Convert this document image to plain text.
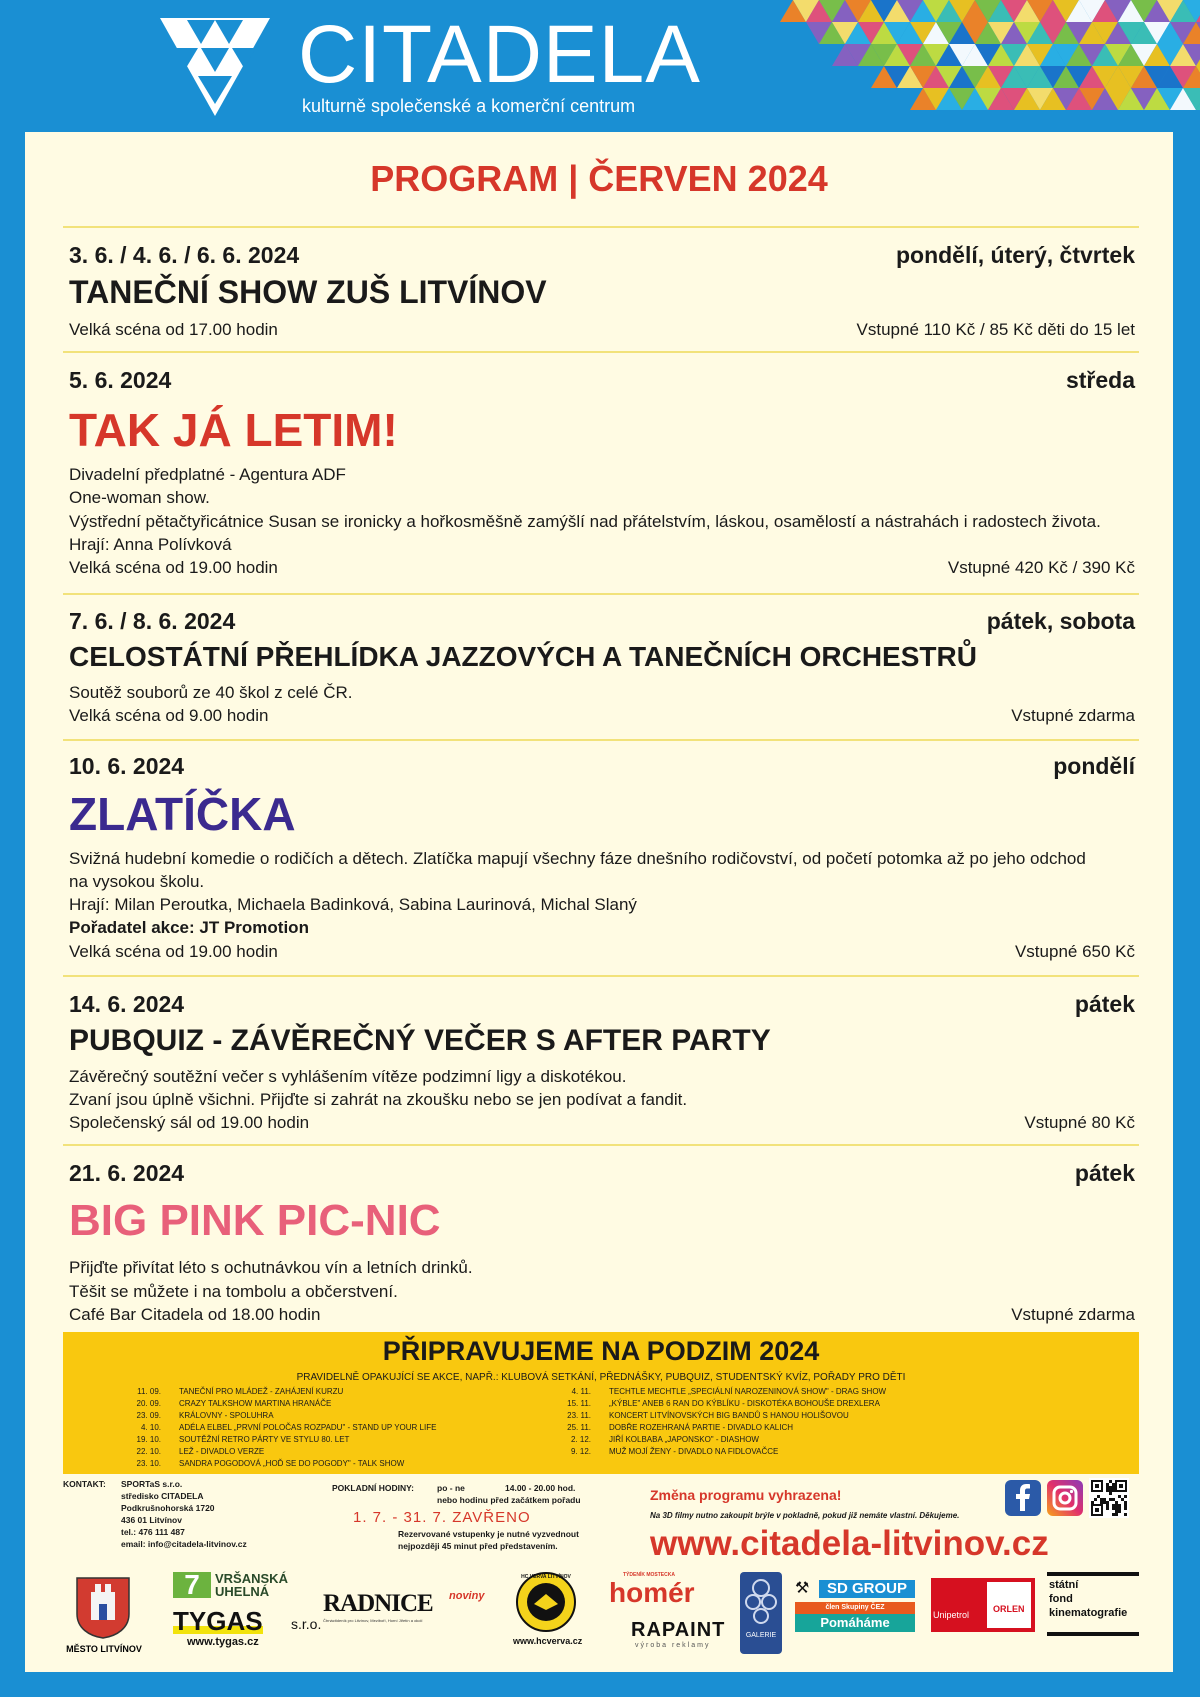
CITADELA
kulturně společenské a komerční centrum
PROGRAM | ČERVEN 2024
3. 6. / 4. 6. / 6. 6. 2024	pondělí, úterý, čtvrtek
TANEČNÍ SHOW ZUŠ LITVÍNOV
Velká scéna od 17.00 hodin	Vstupné 110 Kč / 85 Kč děti do 15 let
5. 6. 2024	středa
TAK JÁ LETIM!
Divadelní předplatné - Agentura ADF
One-woman show.
Výstřední pětačtyřicátnice Susan se ironicky a hořkosměšně zamýšlí nad přátelstvím, láskou, osamělostí a nástrahách i radostech života.
Hrají: Anna Polívková
Velká scéna od 19.00 hodin	Vstupné 420 Kč / 390 Kč
7. 6. / 8. 6. 2024	pátek, sobota
CELOSTÁTNÍ PŘEHLÍDKA JAZZOVÝCH A TANEČNÍCH ORCHESTRŮ
Soutěž souborů ze 40 škol z celé ČR.
Velká scéna od 9.00 hodin	Vstupné zdarma
10. 6. 2024	pondělí
ZLATÍČKA
Svižná hudební komedie o rodičích a dětech. Zlatíčka mapují všechny fáze dnešního rodičovství, od početí potomka až po jeho odchod
na vysokou školu.
Hrají: Milan Peroutka, Michaela Badinková, Sabina Laurinová, Michal Slaný
Pořadatel akce: JT Promotion
Velká scéna od 19.00 hodin	Vstupné 650 Kč
14. 6. 2024	pátek
PUBQUIZ - ZÁVĚREČNÝ VEČER S AFTER PARTY
Závěrečný soutěžní večer s vyhlášením vítěze podzimní ligy a diskotékou.
Zvaní jsou úplně všichni. Přijďte si zahrát na zkoušku nebo se jen podívat a fandit.
Společenský sál od 19.00 hodin	Vstupné 80 Kč
21. 6. 2024	pátek
BIG PINK PIC-NIC
Přijďte přivítat léto s ochutnávkou vín a letních drinků.
Těšit se můžete i na tombolu a občerstvení.
Café Bar Citadela od 18.00 hodin	Vstupné zdarma
PŘIPRAVUJEME NA PODZIM 2024
PRAVIDELNĚ OPAKUJÍCÍ SE AKCE, NAPŘ.: KLUBOVÁ SETKÁNÍ, PŘEDNÁŠKY, PUBQUIZ, STUDENTSKÝ KVÍZ, POŘADY PRO DĚTI
11. 09. TANEČNÍ PRO MLÁDEŽ - ZAHÁJENÍ KURZU
20. 09. CRAZY TALKSHOW MARTINA HRANÁČE
23. 09. KRÁLOVNY - SPOLUHRA
4. 10. ADÉLA ELBEL „PRVNÍ POLOČAS ROZPADU" - STAND UP YOUR LIFE
19. 10. SOUTĚŽNÍ RETRO PÁRTY VE STYLU 80. LET
22. 10. LEŽ - DIVADLO VERZE
23. 10. SANDRA POGODOVÁ „HOĎ SE DO POGODY" - TALK SHOW
4. 11. TECHTLE MECHTLE „SPECIÁLNÍ NAROZENINOVÁ SHOW" - DRAG SHOW
15. 11. „KÝBLE" ANEB 6 RAN DO KÝBLÍKU - DISKOTÉKA BOHOUŠE DREXLERA
23. 11. KONCERT LITVÍNOVSKÝCH BIG BANDŮ S HANOU HOLIŠOVOU
25. 11. DOBŘE ROZEHRANÁ PARTIE - DIVADLO KALICH
2. 12. JIŘÍ KOLBABA „JAPONSKO" - DIASHOW
9. 12. MUŽ MOJÍ ŽENY - DIVADLO NA FIDLOVAČCE
KONTAKT: SPORTaS s.r.o.
středisko CITADELA
Podkrušnohorská 1720
436 01 Litvínov
tel.: 476 111 487
email: info@citadela-litvinov.cz
POKLADNÍ HODINY:	po - ne	14.00 - 20.00 hod.
nebo hodinu před začátkem pořadu
1. 7. - 31. 7. ZAVŘENO
Rezervované vstupenky je nutné vyzvednout
nejpozději 45 minut před představením.
Změna programu vyhrazena!
Na 3D filmy nutno zakoupit brýle v pokladně, pokud již nemáte vlastní. Děkujeme.
www.citadela-litvinov.cz
MĚSTO LITVÍNOV
7	VRŠANSKÁ UHELNÁ
TYGAS s.r.o.
www.tygas.cz
RADNICE noviny
Čtrnáctideník pro Litvínov, Meziboří, Horní Jiřetín a okolí
HC VERVA LITVÍNOV
www.hcverva.cz
TÝDENÍK MOSTECKA
homér
RAPAINT
výroba reklamy
GALERIE
⚒	SD GROUP
člen Skupiny ČEZ
Pomáháme	Unipetrol
ORLEN
státní
fond
kinematografie
